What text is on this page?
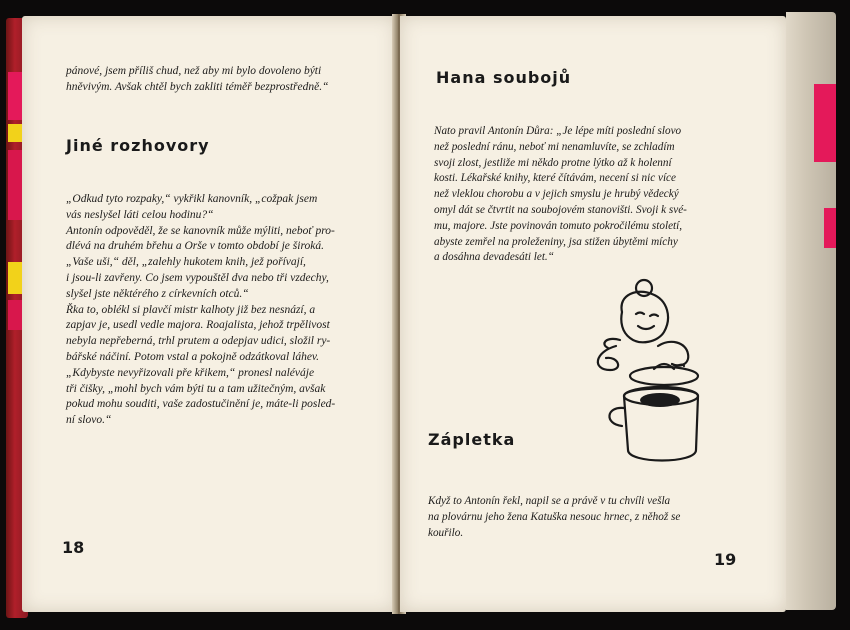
pánové, jsem příliš chud, než aby mi bylo dovoleno býti
hněvivým. Avšak chtěl bych zakliti téměř bezprostředně.“

Jiné rozhovory

„Odkud tyto rozpaky,“ vykřikl kanovník, „cožpak jsem
vás neslyšel láti celou hodinu?“
Antonín odpověděl, že se kanovník může mýliti, neboť pro-
dlévá na druhém břehu a Orše v tomto období je široká.
„Vaše uši,“ děl, „zalehly hukotem knih, jež pořívají,
i jsou-li zavřeny. Co jsem vypouštěl dva nebo tři vzdechy,
slyšel jste něktérého z církevních otců.“
Řka to, oblékl si plavčí mistr kalhoty již bez nesnází, a
zapjav je, usedl vedle majora. Roajalista, jehož trpělivost
nebyla nepřeberná, trhl prutem a odepjav udici, složil ry-
bářské náčiní. Potom vstal a pokojně odzátkoval láhev.
„Kdybyste nevyřizovali pře křikem,“ pronesl naléváje
tři čišky, „mohl bych vám býti tu a tam užitečným, avšak
pokud mohu souditi, vaše zadostučinění je, máte-li posled-
ní slovo.“

18
Hana soubojů

Nato pravil Antonín Důra: „Je lépe míti poslední slovo
než poslední ránu, neboť mi nenamluvíte, se zchladím
svoji zlost, jestliže mi někdo protne lýtko až k holenní
kosti. Lékařské knihy, které čítávám, necení si nic více
než vleklou chorobu a v jejich smyslu je hrubý vědecký
omyl dát se čtvrtit na soubojovém stanovišti. Svoji k své-
mu, majore. Jste povinován tomuto pokročilému století,
abyste zemřel na proleženiny, jsa stižen úbytěmi míchy
a dosáhna devadesáti let.“

Zápletka

Když to Antonín řekl, napil se a právě v tu chvíli vešla
na plovárnu jeho žena Katuška nesouc hrnec, z něhož se
kouřilo.

19
